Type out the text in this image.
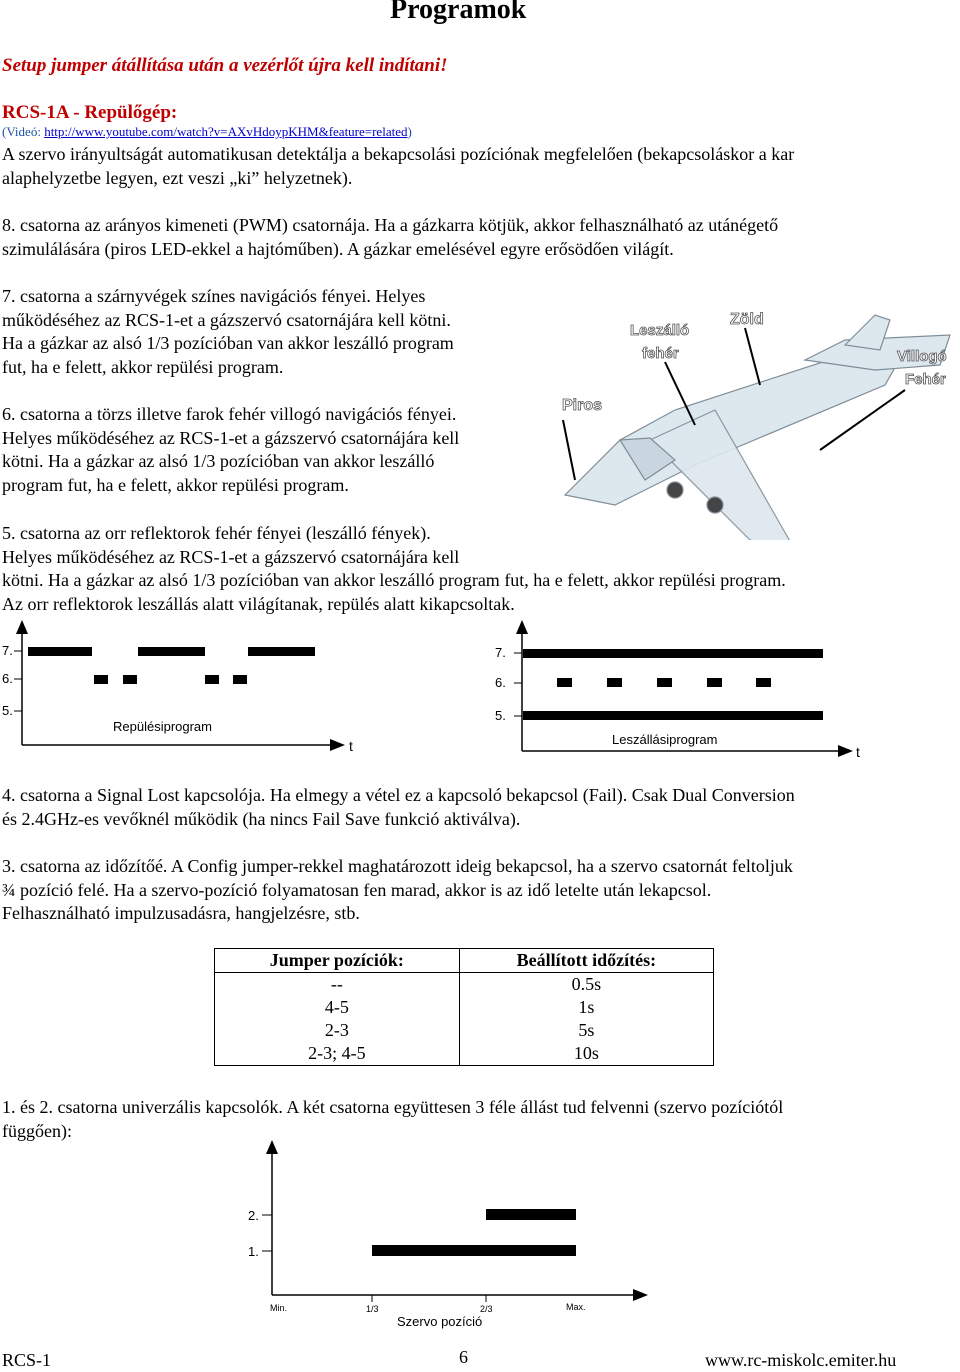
Programok
Setup jumper átállítása után a vezérlőt újra kell indítani!
RCS-1A - Repülőgép:
(Videó: http://www.youtube.com/watch?v=AXvHdoypKHM&feature=related)

A szervo irányultságát automatikusan detektálja a bekapcsolási pozíciónak megfelelően (bekapcsoláskor a kar
alaphelyzetbe legyen, ezt veszi „ki” helyzetnek).

8. csatorna az arányos kimeneti (PWM) csatornája. Ha a gázkarra kötjük, akkor felhasználható az utánégető
szimulálására (piros LED-ekkel a hajtóműben). A gázkar emelésével egyre erősödően világít.

7. csatorna a szárnyvégek színes navigációs fényei. Helyes
működéséhez az RCS-1-et a gázszervó csatornájára kell kötni.
Ha a gázkar az alsó 1/3 pozícióban van akkor leszálló program
fut, ha e felett, akkor repülési program.

6. csatorna a törzs illetve farok fehér villogó navigációs fényei.
Helyes működéséhez az RCS-1-et a gázszervó csatornájára kell
kötni. Ha a gázkar az alsó 1/3 pozícióban van akkor leszálló
program fut, ha e felett, akkor repülési program.

Leszálló
fehér
Zöld
Villogó
Fehér
Piros

5. csatorna az orr reflektorok fehér fényei (leszálló fények).
Helyes működéséhez az RCS-1-et a gázszervó csatornájára kell
kötni. Ha a gázkar az alsó 1/3 pozícióban van akkor leszálló program fut, ha e felett, akkor repülési program.
Az orr reflektorok leszállás alatt világítanak, repülés alatt kikapcsoltak.

7.
6.
5.
Repülésiprogram
t
7.
6.
5.
Leszállásiprogram
t

4. csatorna a Signal Lost kapcsolója. Ha elmegy a vétel ez a kapcsoló bekapcsol (Fail). Csak Dual Conversion
és 2.4GHz-es vevőknél működik (ha nincs Fail Save funkció aktiválva).

3. csatorna az időzítőé. A Config jumper-rekkel maghatározott ideig bekapcsol, ha a szervo csatornát feltoljuk
¾ pozíció felé. Ha a szervo-pozíció folyamatosan fen marad, akkor is az idő letelte után lekapcsol.
Felhasználható impulzusadásra, hangjelzésre, stb.

Jumper pozíciók:	Beállított időzítés:
--	0.5s
4-5	1s
2-3	5s
2-3; 4-5	10s

1. és 2. csatorna univerzális kapcsolók. A két csatorna együttesen 3 féle állást tud felvenni (szervo pozíciótól
függően):

2.
1.
Min.	1/3	2/3	Max.
Szervo pozíció
RCS-1	6	www.rc-miskolc.emiter.hu
